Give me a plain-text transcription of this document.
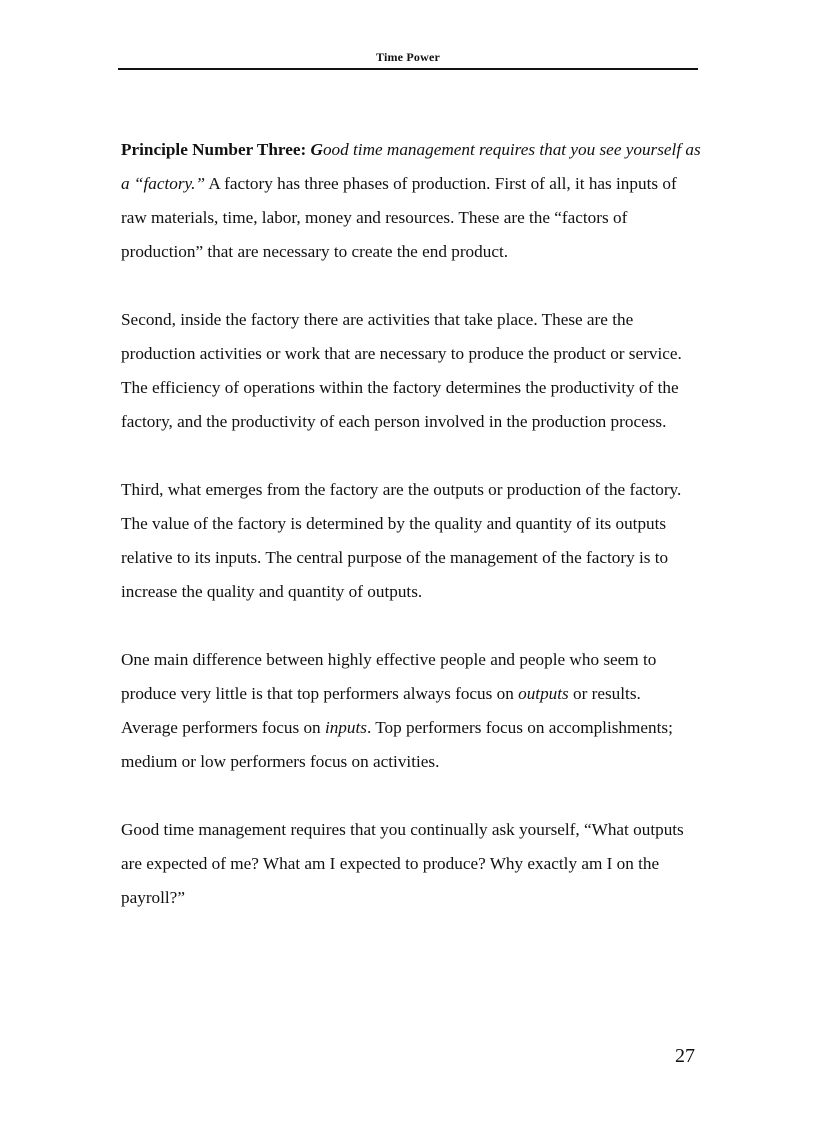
Time Power

Principle Number Three: Good time management requires that you see yourself as a “factory.” A factory has three phases of production. First of all, it has inputs of raw materials, time, labor, money and resources. These are the “factors of production” that are necessary to create the end product.

Second, inside the factory there are activities that take place. These are the production activities or work that are necessary to produce the product or service. The efficiency of operations within the factory determines the productivity of the factory, and the productivity of each person involved in the production process.

Third, what emerges from the factory are the outputs or production of the factory. The value of the factory is determined by the quality and quantity of its outputs relative to its inputs. The central purpose of the management of the factory is to increase the quality and quantity of outputs.

One main difference between highly effective people and people who seem to produce very little is that top performers always focus on outputs or results. Average performers focus on inputs. Top performers focus on accomplishments; medium or low performers focus on activities.

Good time management requires that you continually ask yourself, “What outputs are expected of me? What am I expected to produce? Why exactly am I on the payroll?”

27
